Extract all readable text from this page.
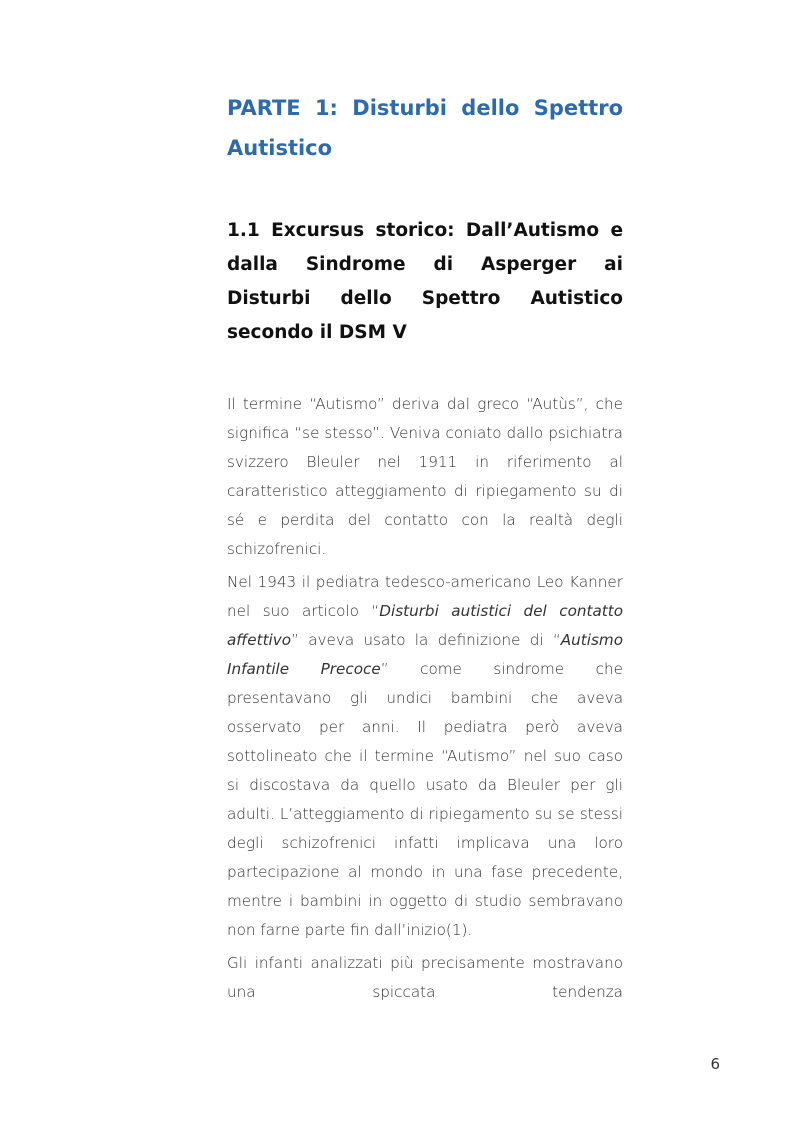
PARTE 1: Disturbi dello Spettro Autistico
1.1 Excursus storico: Dall’Autismo e dalla Sindrome di Asperger ai Disturbi dello Spettro Autistico secondo il DSM V

Il termine “Autismo” deriva dal greco “Autùs”, che significa “se stesso”. Veniva coniato dallo psichiatra svizzero Bleuler nel 1911 in riferimento al caratteristico atteggiamento di ripiegamento su di sé e perdita del contatto con la realtà degli schizofrenici.

Nel 1943 il pediatra tedesco-americano Leo Kanner nel suo articolo “Disturbi autistici del contatto affettivo” aveva usato la definizione di “Autismo Infantile Precoce” come sindrome che presentavano gli undici bambini che aveva osservato per anni. Il pediatra però aveva sottolineato che il termine “Autismo” nel suo caso si discostava da quello usato da Bleuler per gli adulti. L’atteggiamento di ripiegamento su se stessi degli schizofrenici infatti implicava una loro partecipazione al mondo in una fase precedente, mentre i bambini in oggetto di studio sembravano non farne parte fin dall’inizio(1).

Gli infanti analizzati più precisamente mostravano una spiccata tendenza

6
